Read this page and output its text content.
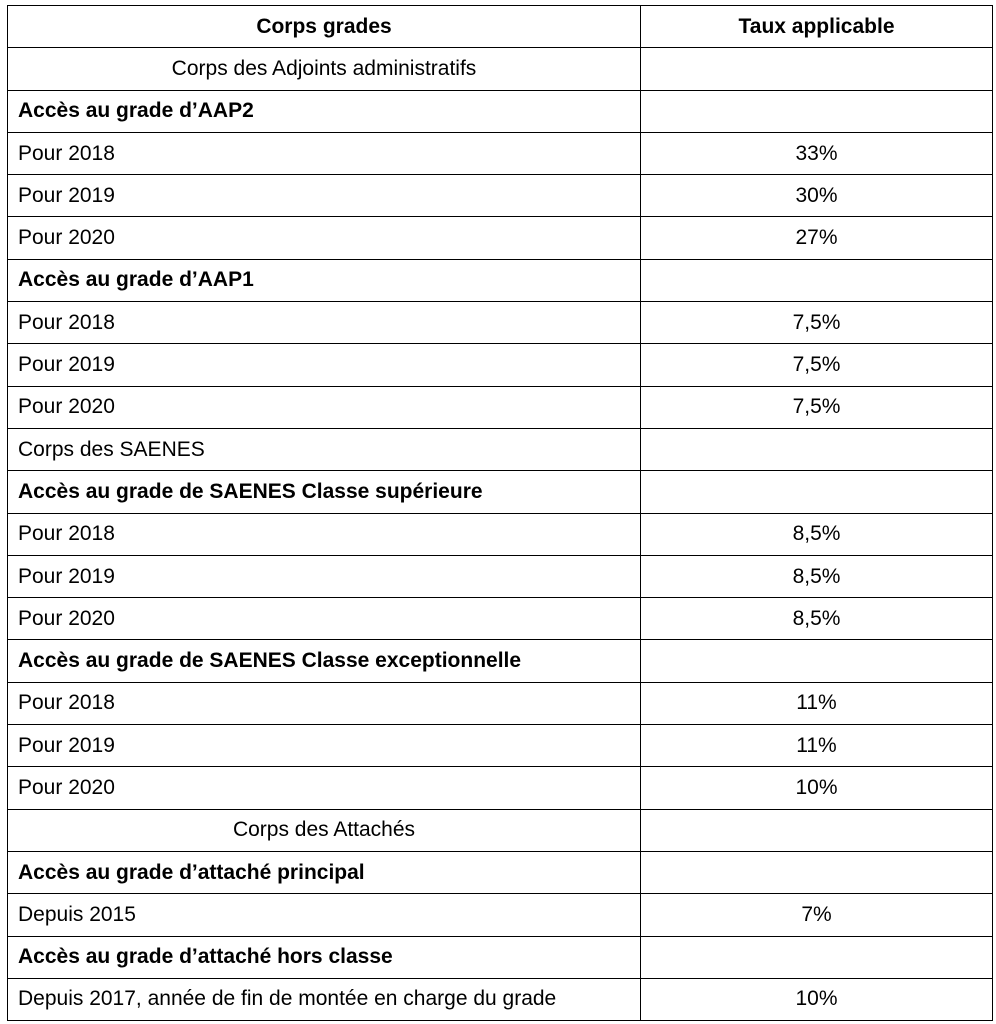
Corps grades	Taux applicable
Corps des Adjoints administratifs	
Accès au grade d’AAP2	
Pour 2018	33%
Pour 2019	30%
Pour 2020	27%
Accès au grade d’AAP1	
Pour 2018	7,5%
Pour 2019	7,5%
Pour 2020	7,5%
Corps des SAENES	
Accès au grade de SAENES Classe supérieure	
Pour 2018	8,5%
Pour 2019	8,5%
Pour 2020	8,5%
Accès au grade de SAENES Classe exceptionnelle	
Pour 2018	11%
Pour 2019	11%
Pour 2020	10%
Corps des Attachés	
Accès au grade d’attaché principal	
Depuis 2015	7%
Accès au grade d’attaché hors classe	
Depuis 2017, année de fin de montée en charge du grade	10%
